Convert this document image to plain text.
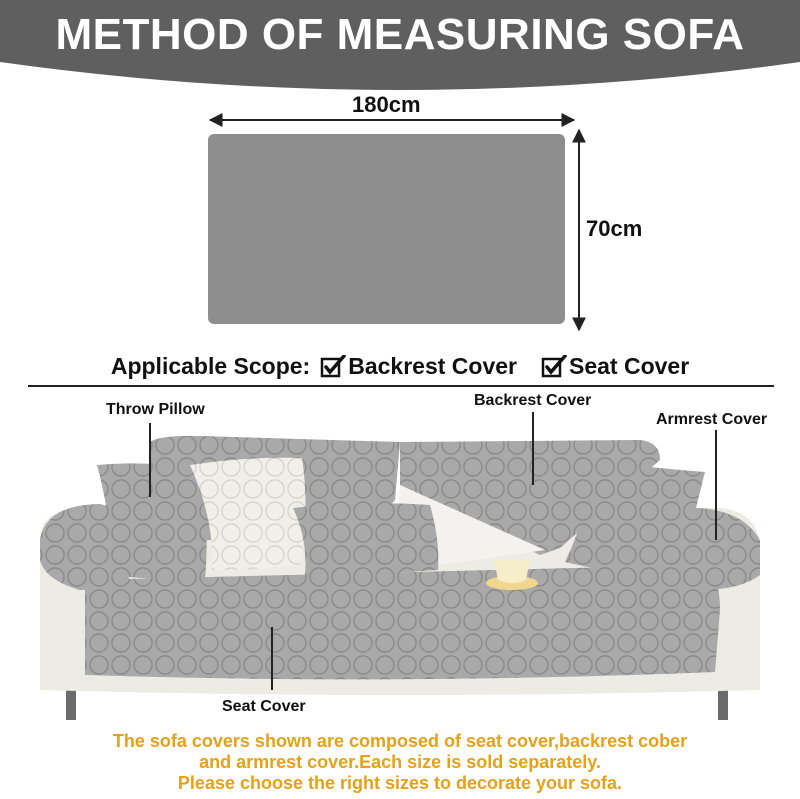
METHOD OF MEASURING SOFA
180cm
70cm
Applicable Scope: Backrest Cover Seat Cover
Throw Pillow
Backrest Cover
Armrest Cover
Seat Cover
The sofa covers shown are composed of seat cover,backrest cober
and armrest cover.Each size is sold separately.
Please choose the right sizes to decorate your sofa.
